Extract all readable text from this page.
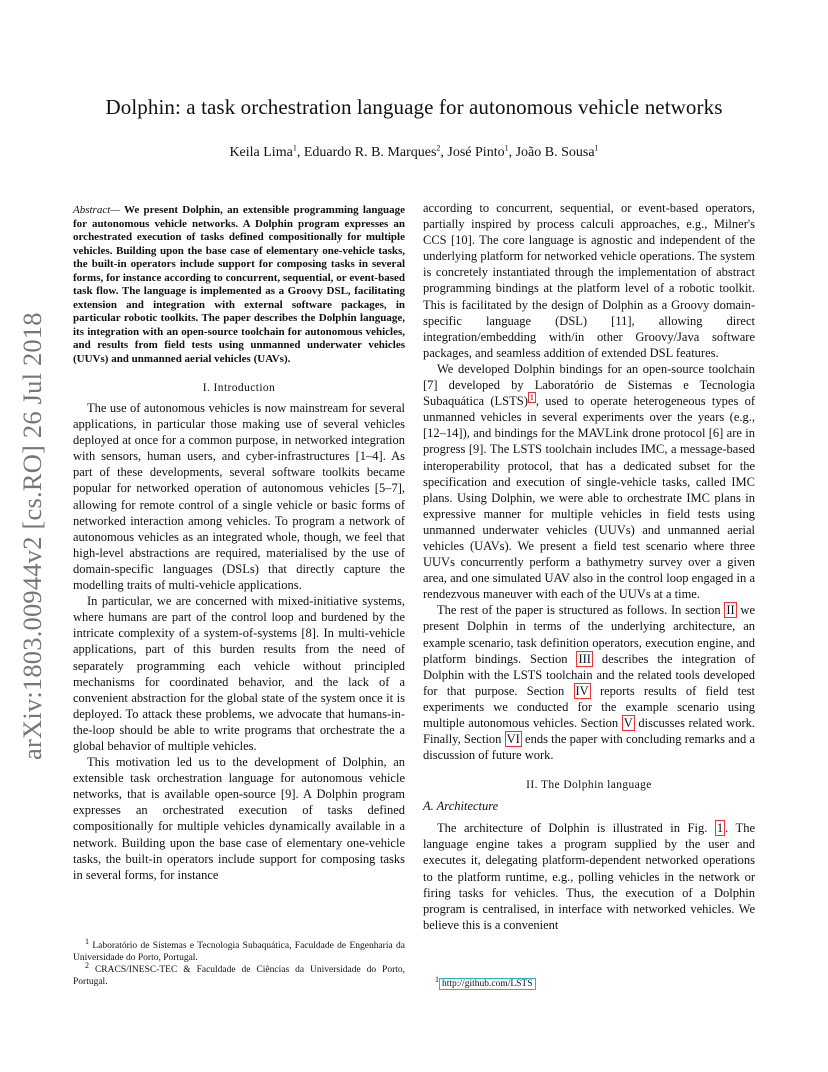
arXiv:1803.00944v2 [cs.RO] 26 Jul 2018
Dolphin: a task orchestration language for autonomous vehicle networks
Keila Lima$^1$, Eduardo R. B. Marques$^2$, José Pinto$^1$, João B. Sousa$^1$

Abstract— We present Dolphin, an extensible programming language for autonomous vehicle networks. A Dolphin program expresses an orchestrated execution of tasks defined compositionally for multiple vehicles. Building upon the base case of elementary one-vehicle tasks, the built-in operators include support for composing tasks in several forms, for instance according to concurrent, sequential, or event-based task flow. The language is implemented as a Groovy DSL, facilitating extension and integration with external software packages, in particular robotic toolkits. The paper describes the Dolphin language, its integration with an open-source toolchain for autonomous vehicles, and results from field tests using unmanned underwater vehicles (UUVs) and unmanned aerial vehicles (UAVs).

I. Introduction

The use of autonomous vehicles is now mainstream for several applications, in particular those making use of several vehicles deployed at once for a common purpose, in networked integration with sensors, human users, and cyber-infrastructures [1–4]. As part of these developments, several software toolkits became popular for networked operation of autonomous vehicles [5–7], allowing for remote control of a single vehicle or basic forms of networked interaction among vehicles. To program a network of autonomous vehicles as an integrated whole, though, we feel that high-level abstractions are required, materialised by the use of domain-specific languages (DSLs) that directly capture the modelling traits of multi-vehicle applications.

In particular, we are concerned with mixed-initiative systems, where humans are part of the control loop and burdened by the intricate complexity of a system-of-systems [8]. In multi-vehicle applications, part of this burden results from the need of separately programming each vehicle without principled mechanisms for coordinated behavior, and the lack of a convenient abstraction for the global state of the system once it is deployed. To attack these problems, we advocate that humans-in-the-loop should be able to write programs that orchestrate the a global behavior of multiple vehicles.

This motivation led us to the development of Dolphin, an extensible task orchestration language for autonomous vehicle networks, that is available open-source [9]. A Dolphin program expresses an orchestrated execution of tasks defined compositionally for multiple vehicles dynamically available in a network. Building upon the base case of elementary one-vehicle tasks, the built-in operators include support for composing tasks in several forms, for instance

$^1$ Laboratório de Sistemas e Tecnologia Subaquática, Faculdade de Engenharia da Universidade do Porto, Portugal.
$^2$ CRACS/INESC-TEC & Faculdade de Ciências da Universidade do Porto, Portugal.

according to concurrent, sequential, or event-based operators, partially inspired by process calculi approaches, e.g., Milner's CCS [10]. The core language is agnostic and independent of the underlying platform for networked vehicle operations. The system is concretely instantiated through the implementation of abstract programming bindings at the platform level of a robotic toolkit. This is facilitated by the design of Dolphin as a Groovy domain-specific language (DSL) [11], allowing direct integration/embedding with/in other Groovy/Java software packages, and seamless addition of extended DSL features.

We developed Dolphin bindings for an open-source toolchain [7] developed by Laboratório de Sistemas e Tecnologia Subaquática (LSTS) $^1$ , used to operate heterogeneous types of unmanned vehicles in several experiments over the years (e.g., [12–14]), and bindings for the MAVLink drone protocol [6] are in progress [9]. The LSTS toolchain includes IMC, a message-based interoperability protocol, that has a dedicated subset for the specification and execution of single-vehicle tasks, called IMC plans. Using Dolphin, we were able to orchestrate IMC plans in expressive manner for multiple vehicles in field tests using unmanned underwater vehicles (UUVs) and unmanned aerial vehicles (UAVs). We present a field test scenario where three UUVs concurrently perform a bathymetry survey over a given area, and one simulated UAV also in the control loop engaged in a rendezvous maneuver with each of the UUVs at a time.

The rest of the paper is structured as follows. In section II we present Dolphin in terms of the underlying architecture, an example scenario, task definition operators, execution engine, and platform bindings. Section III describes the integration of Dolphin with the LSTS toolchain and the related tools developed for that purpose. Section IV reports results of field test experiments we conducted for the example scenario using multiple autonomous vehicles. Section V discusses related work. Finally, Section VI ends the paper with concluding remarks and a discussion of future work.

II. The Dolphin language
A. Architecture

The architecture of Dolphin is illustrated in Fig. 1 . The language engine takes a program supplied by the user and executes it, delegating platform-dependent networked operations to the platform runtime, e.g., polling vehicles in the network or firing tasks for vehicles. Thus, the execution of a Dolphin program is centralised, in interface with networked vehicles. We believe this is a convenient

$^1$ http://github.com/LSTS
